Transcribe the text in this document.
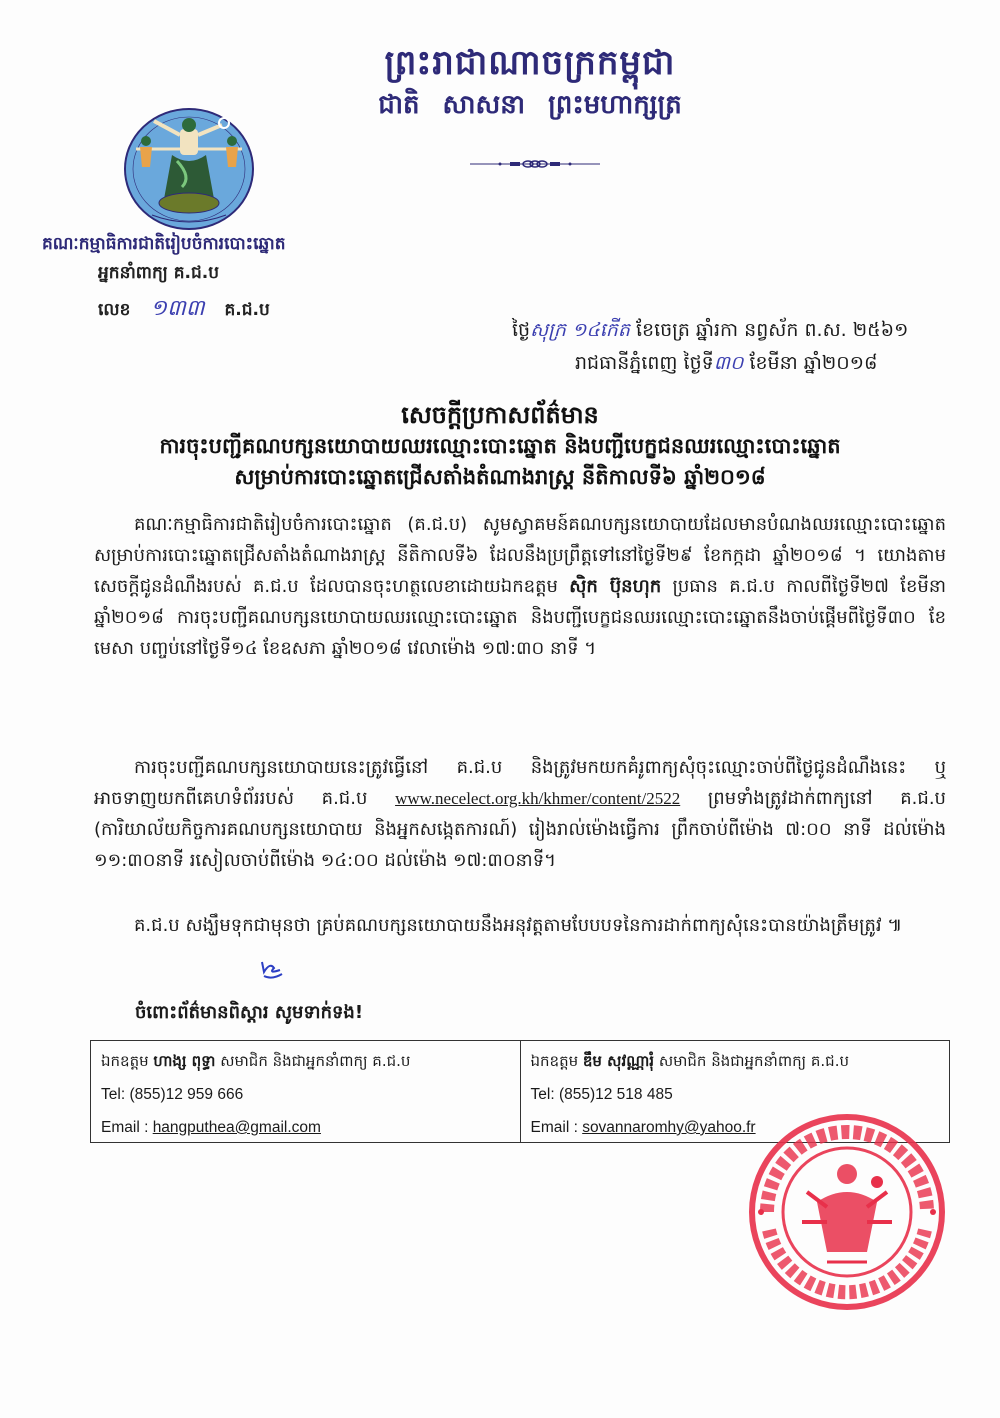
ព្រះរាជាណាចក្រកម្ពុជា
ជាតិ សាសនា ព្រះមហាក្សត្រ
គណៈកម្មាធិការជាតិរៀបចំការបោះឆ្នោត
អ្នកនាំពាក្យ គ.ជ.ប
លេខ ១៣៣ គ.ជ.ប
ថ្ងៃសុក្រ ១៤កើត ខែចេត្រ ឆ្នាំរកា នព្វស័ក ព.ស. ២៥៦១
រាជធានីភ្នំពេញ ថ្ងៃទី៣០ ខែមីនា ឆ្នាំ២០១៨
សេចក្តីប្រកាសព័ត៌មាន
ការចុះបញ្ជីគណបក្សនយោបាយឈរឈ្មោះបោះឆ្នោត និងបញ្ជីបេក្ខជនឈរឈ្មោះបោះឆ្នោត
សម្រាប់ការបោះឆ្នោតជ្រើសតាំងតំណាងរាស្ត្រ នីតិកាលទី៦ ឆ្នាំ២០១៨
គណៈកម្មាធិការជាតិរៀបចំការបោះឆ្នោត (គ.ជ.ប) សូមស្វាគមន៍គណបក្សនយោបាយដែលមានបំណងឈរឈ្មោះបោះឆ្នោត សម្រាប់ការបោះឆ្នោតជ្រើសតាំងតំណាងរាស្ត្រ នីតិកាលទី៦ ដែលនឹងប្រព្រឹត្តទៅនៅថ្ងៃទី២៩ ខែកក្កដា ឆ្នាំ២០១៨ ។ យោងតាមសេចក្តីជូនដំណឹងរបស់ គ.ជ.ប ដែលបានចុះហត្ថលេខាដោយឯកឧត្តម ស៊ិក ប៊ុនហុក ប្រធាន គ.ជ.ប កាលពីថ្ងៃទី២៧ ខែមីនា ឆ្នាំ២០១៨ ការចុះបញ្ជីគណបក្សនយោបាយឈរឈ្មោះបោះឆ្នោត និងបញ្ជីបេក្ខជនឈរឈ្មោះបោះឆ្នោតនឹងចាប់ផ្តើមពីថ្ងៃទី៣០ ខែមេសា បញ្ចប់នៅថ្ងៃទី១៤ ខែឧសភា ឆ្នាំ២០១៨ វេលាម៉ោង ១៧:៣០ នាទី ។
ការចុះបញ្ជីគណបក្សនយោបាយនេះត្រូវធ្វើនៅ គ.ជ.ប និងត្រូវមកយកគំរូពាក្យសុំចុះឈ្មោះចាប់ពីថ្ងៃជូនដំណឹងនេះ ឬអាចទាញយកពីគេហទំព័ររបស់ គ.ជ.ប www.necelect.org.kh/khmer/content/2522 ព្រមទាំងត្រូវដាក់ពាក្យនៅ គ.ជ.ប (ការិយាល័យកិច្ចការគណបក្សនយោបាយ និងអ្នកសង្កេតការណ៍) រៀងរាល់ម៉ោងធ្វើការ ព្រឹកចាប់ពីម៉ោង ៧:០០ នាទី ដល់ម៉ោង ១១:៣០នាទី រសៀលចាប់ពីម៉ោង ១៤:០០ ដល់ម៉ោង ១៧:៣០នាទី។
គ.ជ.ប សង្ឃឹមទុកជាមុនថា គ្រប់គណបក្សនយោបាយនឹងអនុវត្តតាមបែបបទនៃការដាក់ពាក្យសុំនេះបានយ៉ាងត្រឹមត្រូវ ៕
ចំពោះព័ត៌មានពិស្តារ សូមទាក់ទង!
ឯកឧត្តម ហាង្ស ពុទ្ធា សមាជិក និងជាអ្នកនាំពាក្យ គ.ជ.ប
Tel: (855)12 959 666
Email : hangputhea@gmail.com
ឯកឧត្តម ឌឹម សុវណ្ណារុំ សមាជិក និងជាអ្នកនាំពាក្យ គ.ជ.ប
Tel: (855)12 518 485
Email : sovannaromhy@yahoo.fr
